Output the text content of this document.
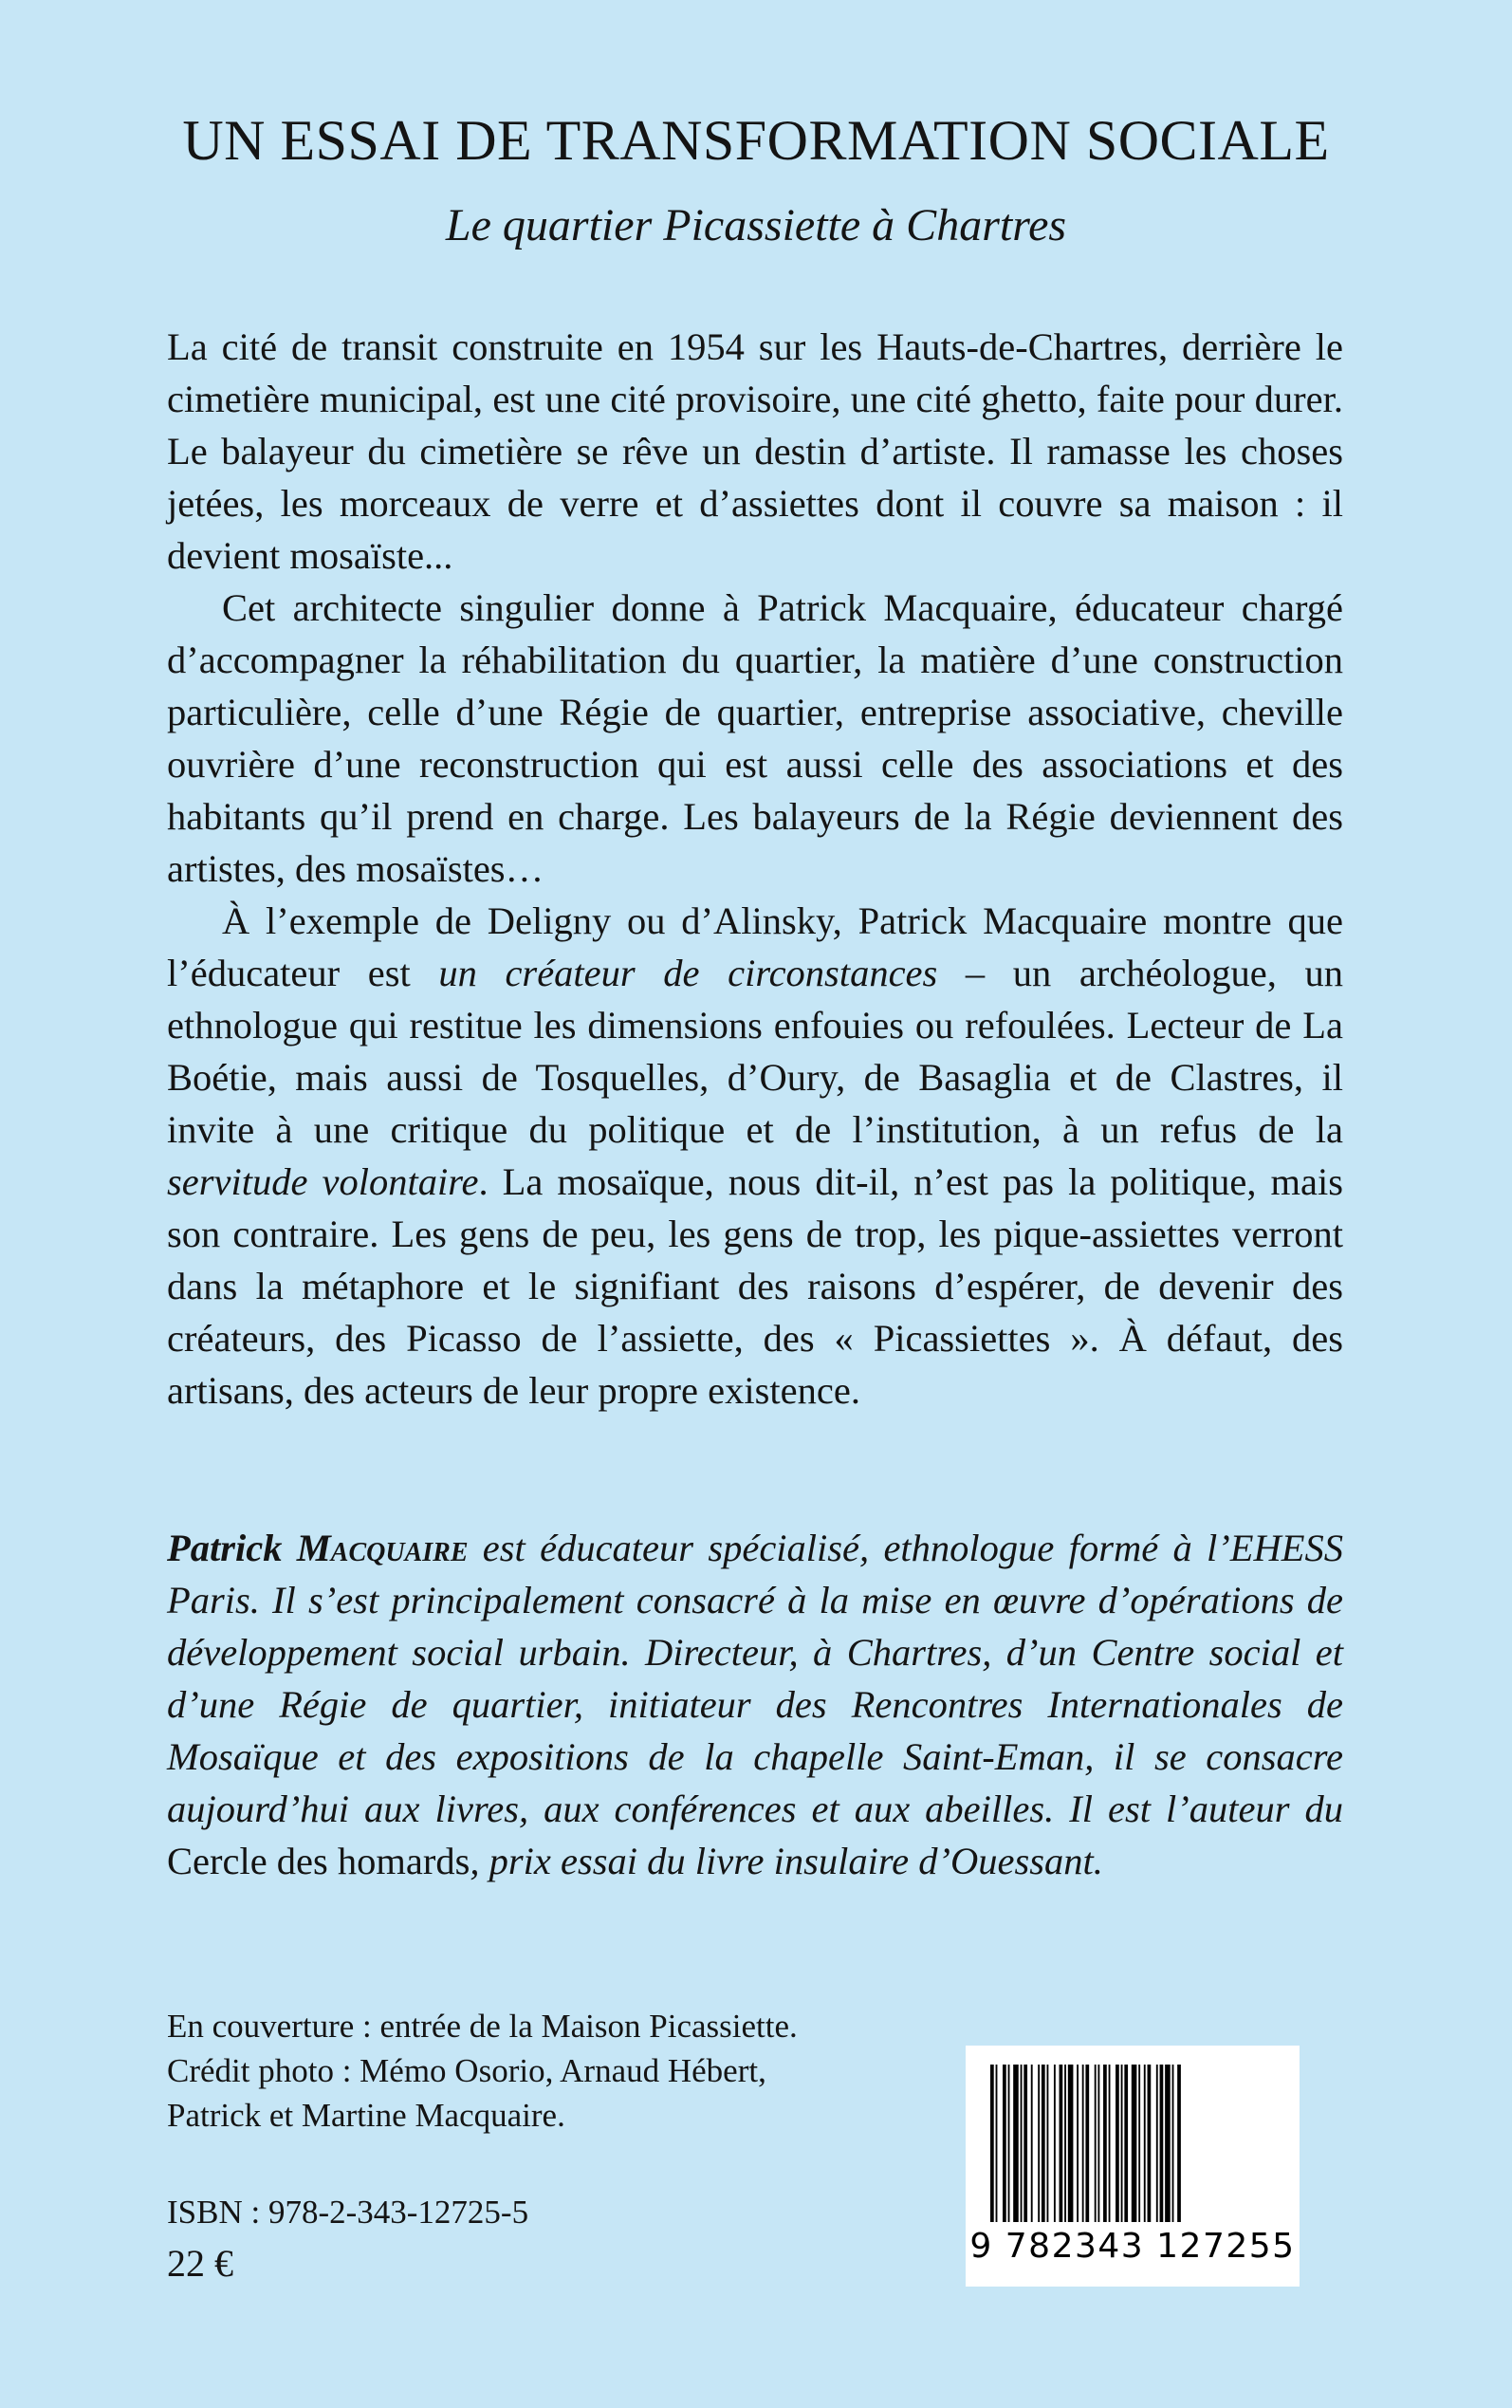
UN ESSAI DE TRANSFORMATION SOCIALE

Le quartier Picassiette à Chartres

La cité de transit construite en 1954 sur les Hauts-de-Chartres, derrière le cimetière municipal, est une cité provisoire, une cité ghetto, faite pour durer. Le balayeur du cimetière se rêve un destin d’artiste. Il ramasse les choses jetées, les morceaux de verre et d’assiettes dont il couvre sa maison : il devient mosaïste...

Cet architecte singulier donne à Patrick Macquaire, éducateur chargé d’accompagner la réhabilitation du quartier, la matière d’une construction particulière, celle d’une Régie de quartier, entreprise associative, cheville ouvrière d’une reconstruction qui est aussi celle des associations et des habitants qu’il prend en charge. Les balayeurs de la Régie deviennent des artistes, des mosaïstes…

À l’exemple de Deligny ou d’Alinsky, Patrick Macquaire montre que l’éducateur est un créateur de circonstances – un archéologue, un ethnologue qui restitue les dimensions enfouies ou refoulées. Lecteur de La Boétie, mais aussi de Tosquelles, d’Oury, de Basaglia et de Clastres, il invite à une critique du politique et de l’institution, à un refus de la servitude volontaire. La mosaïque, nous dit-il, n’est pas la politique, mais son contraire. Les gens de peu, les gens de trop, les pique-assiettes verront dans la métaphore et le signifiant des raisons d’espérer, de devenir des créateurs, des Picasso de l’assiette, des « Picassiettes ». À défaut, des artisans, des acteurs de leur propre existence.

Patrick Macquaire est éducateur spécialisé, ethnologue formé à l’EHESS Paris. Il s’est principalement consacré à la mise en œuvre d’opérations de développement social urbain. Directeur, à Chartres, d’un Centre social et d’une Régie de quartier, initiateur des Rencontres Internationales de Mosaïque et des expositions de la chapelle Saint-Eman, il se consacre aujourd’hui aux livres, aux conférences et aux abeilles. Il est l’auteur du Cercle des homards, prix essai du livre insulaire d’Ouessant.

En couverture : entrée de la Maison Picassiette.
Crédit photo : Mémo Osorio, Arnaud Hébert,
Patrick et Martine Macquaire.
ISBN : 978-2-343-12725-5
22 €	9 782343 127255
